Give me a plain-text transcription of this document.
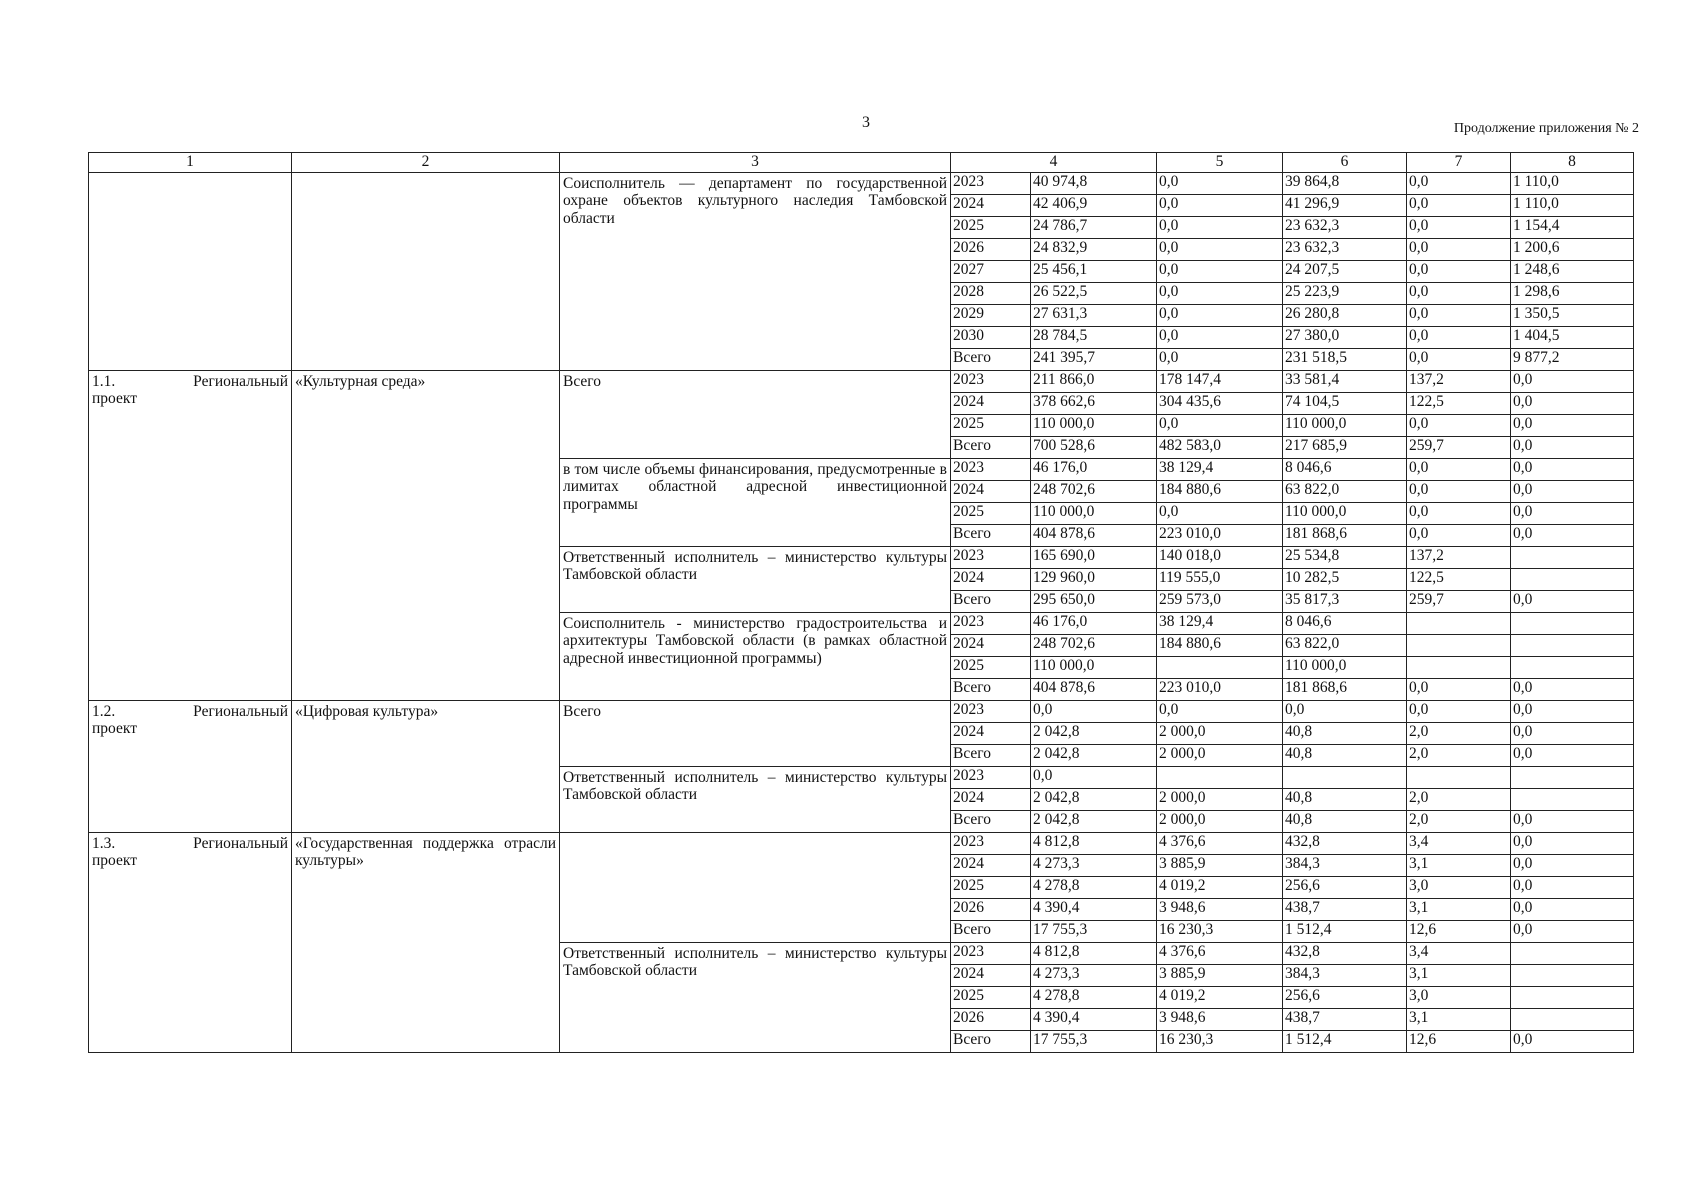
3	Продолжение приложения № 2
1	2	3	4		5	6	7	8
		Соисполнитель — департамент по государственной охране объектов культурного наследия Тамбовской области	2023	40 974,8	0,0	39 864,8	0,0	1 110,0
			2024	42 406,9	0,0	41 296,9	0,0	1 110,0
			2025	24 786,7	0,0	23 632,3	0,0	1 154,4
			2026	24 832,9	0,0	23 632,3	0,0	1 200,6
			2027	25 456,1	0,0	24 207,5	0,0	1 248,6
			2028	26 522,5	0,0	25 223,9	0,0	1 298,6
			2029	27 631,3	0,0	26 280,8	0,0	1 350,5
			2030	28 784,5	0,0	27 380,0	0,0	1 404,5
			Всего	241 395,7	0,0	231 518,5	0,0	9 877,2

1.1. Региональный
проект	«Культурная среда»	Всего	2023	211 866,0	178 147,4	33 581,4	137,2	0,0
			2024	378 662,6	304 435,6	74 104,5	122,5	0,0
			2025	110 000,0	0,0	110 000,0	0,0	0,0
			Всего	700 528,6	482 583,0	217 685,9	259,7	0,0
		в том числе объемы финансирования, предусмотренные в лимитах областной адресной инвестиционной программы	2023	46 176,0	38 129,4	8 046,6	0,0	0,0
			2024	248 702,6	184 880,6	63 822,0	0,0	0,0
			2025	110 000,0	0,0	110 000,0	0,0	0,0
			Всего	404 878,6	223 010,0	181 868,6	0,0	0,0
		Ответственный исполнитель – министерство культуры Тамбовской области	2023	165 690,0	140 018,0	25 534,8	137,2	
			2024	129 960,0	119 555,0	10 282,5	122,5	
			Всего	295 650,0	259 573,0	35 817,3	259,7	0,0
		Соисполнитель - министерство градостроительства и архитектуры Тамбовской области (в рамках областной адресной инвестиционной программы)	2023	46 176,0	38 129,4	8 046,6		
			2024	248 702,6	184 880,6	63 822,0		
			2025	110 000,0		110 000,0		
			Всего	404 878,6	223 010,0	181 868,6	0,0	0,0

1.2. Региональный
проект	«Цифровая культура»	Всего	2023	0,0	0,0	0,0	0,0	0,0
			2024	2 042,8	2 000,0	40,8	2,0	0,0
			Всего	2 042,8	2 000,0	40,8	2,0	0,0
		Ответственный исполнитель – министерство культуры Тамбовской области	2023	0,0				
			2024	2 042,8	2 000,0	40,8	2,0	
			Всего	2 042,8	2 000,0	40,8	2,0	0,0

1.3. Региональный
проект	«Государственная поддержка отрасли культуры»		2023	4 812,8	4 376,6	432,8	3,4	0,0
			2024	4 273,3	3 885,9	384,3	3,1	0,0
			2025	4 278,8	4 019,2	256,6	3,0	0,0
			2026	4 390,4	3 948,6	438,7	3,1	0,0
			Всего	17 755,3	16 230,3	1 512,4	12,6	0,0
		Ответственный исполнитель – министерство культуры Тамбовской области	2023	4 812,8	4 376,6	432,8	3,4	
			2024	4 273,3	3 885,9	384,3	3,1	
			2025	4 278,8	4 019,2	256,6	3,0	
			2026	4 390,4	3 948,6	438,7	3,1	
			Всего	17 755,3	16 230,3	1 512,4	12,6	0,0
